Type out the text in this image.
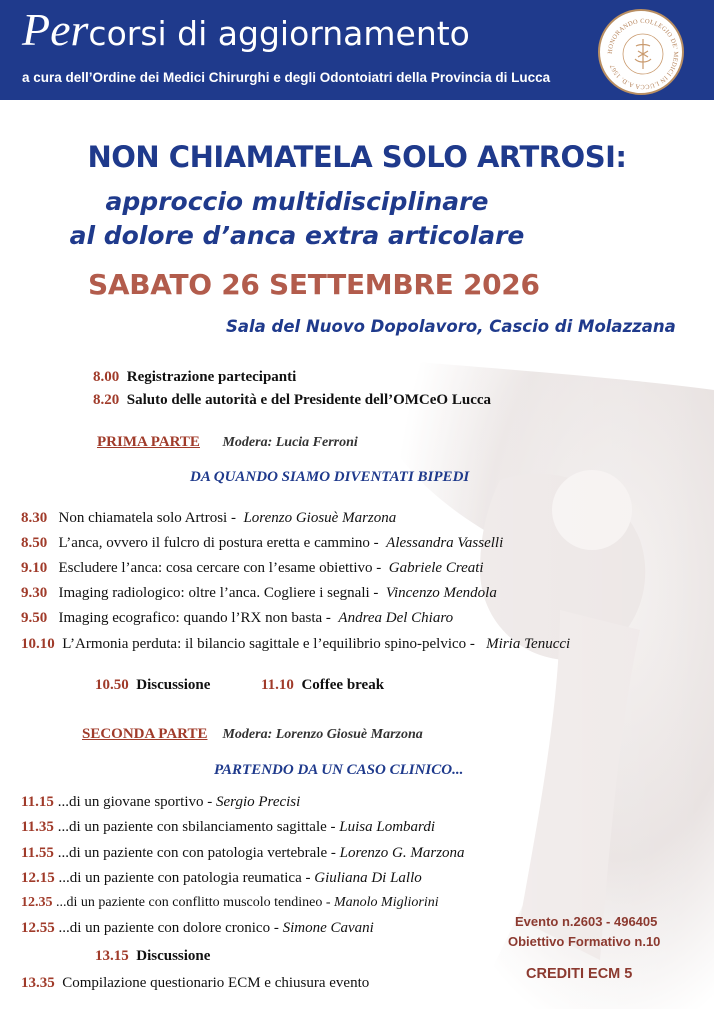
Percorsi di aggiornamento
a cura dell’Ordine dei Medici Chirurghi e degli Odontoiatri della Provincia di Lucca
HONORANDO COLLEGIO DE' MEDICI IN LUCCA A.D. 1567
NON CHIAMATELA SOLO ARTROSI:
approccio multidisciplinare
al dolore d’anca extra articolare
SABATO 26 SETTEMBRE 2026
Sala del Nuovo Dopolavoro, Cascio di Molazzana
8.00 Registrazione partecipanti
8.20 Saluto delle autorità e del Presidente dell’OMCeO Lucca
PRIMA PARTE Modera: Lucia Ferroni
DA QUANDO SIAMO DIVENTATI BIPEDI
8.30 Non chiamatela solo Artrosi - Lorenzo Giosuè Marzona
8.50 L’anca, ovvero il fulcro di postura eretta e cammino - Alessandra Vasselli
9.10 Escludere l’anca: cosa cercare con l’esame obiettivo - Gabriele Creati
9.30 Imaging radiologico: oltre l’anca. Cogliere i segnali - Vincenzo Mendola
9.50 Imaging ecografico: quando l’RX non basta - Andrea Del Chiaro
10.10 L’Armonia perduta: il bilancio sagittale e l’equilibrio spino-pelvico - Miria Tenucci
10.50 Discussione	11.10 Coffee break
SECONDA PARTE Modera: Lorenzo Giosuè Marzona
PARTENDO DA UN CASO CLINICO...
11.15 ...di un giovane sportivo - Sergio Precisi
11.35 ...di un paziente con sbilanciamento sagittale - Luisa Lombardi
11.55 ...di un paziente con con patologia vertebrale - Lorenzo G. Marzona
12.15 ...di un paziente con patologia reumatica - Giuliana Di Lallo
12.35 ...di un paziente con conflitto muscolo tendineo - Manolo Migliorini
12.55 ...di un paziente con dolore cronico - Simone Cavani
13.15 Discussione
13.35 Compilazione questionario ECM e chiusura evento
Evento n.2603 - 496405
Obiettivo Formativo n.10
CREDITI ECM 5
